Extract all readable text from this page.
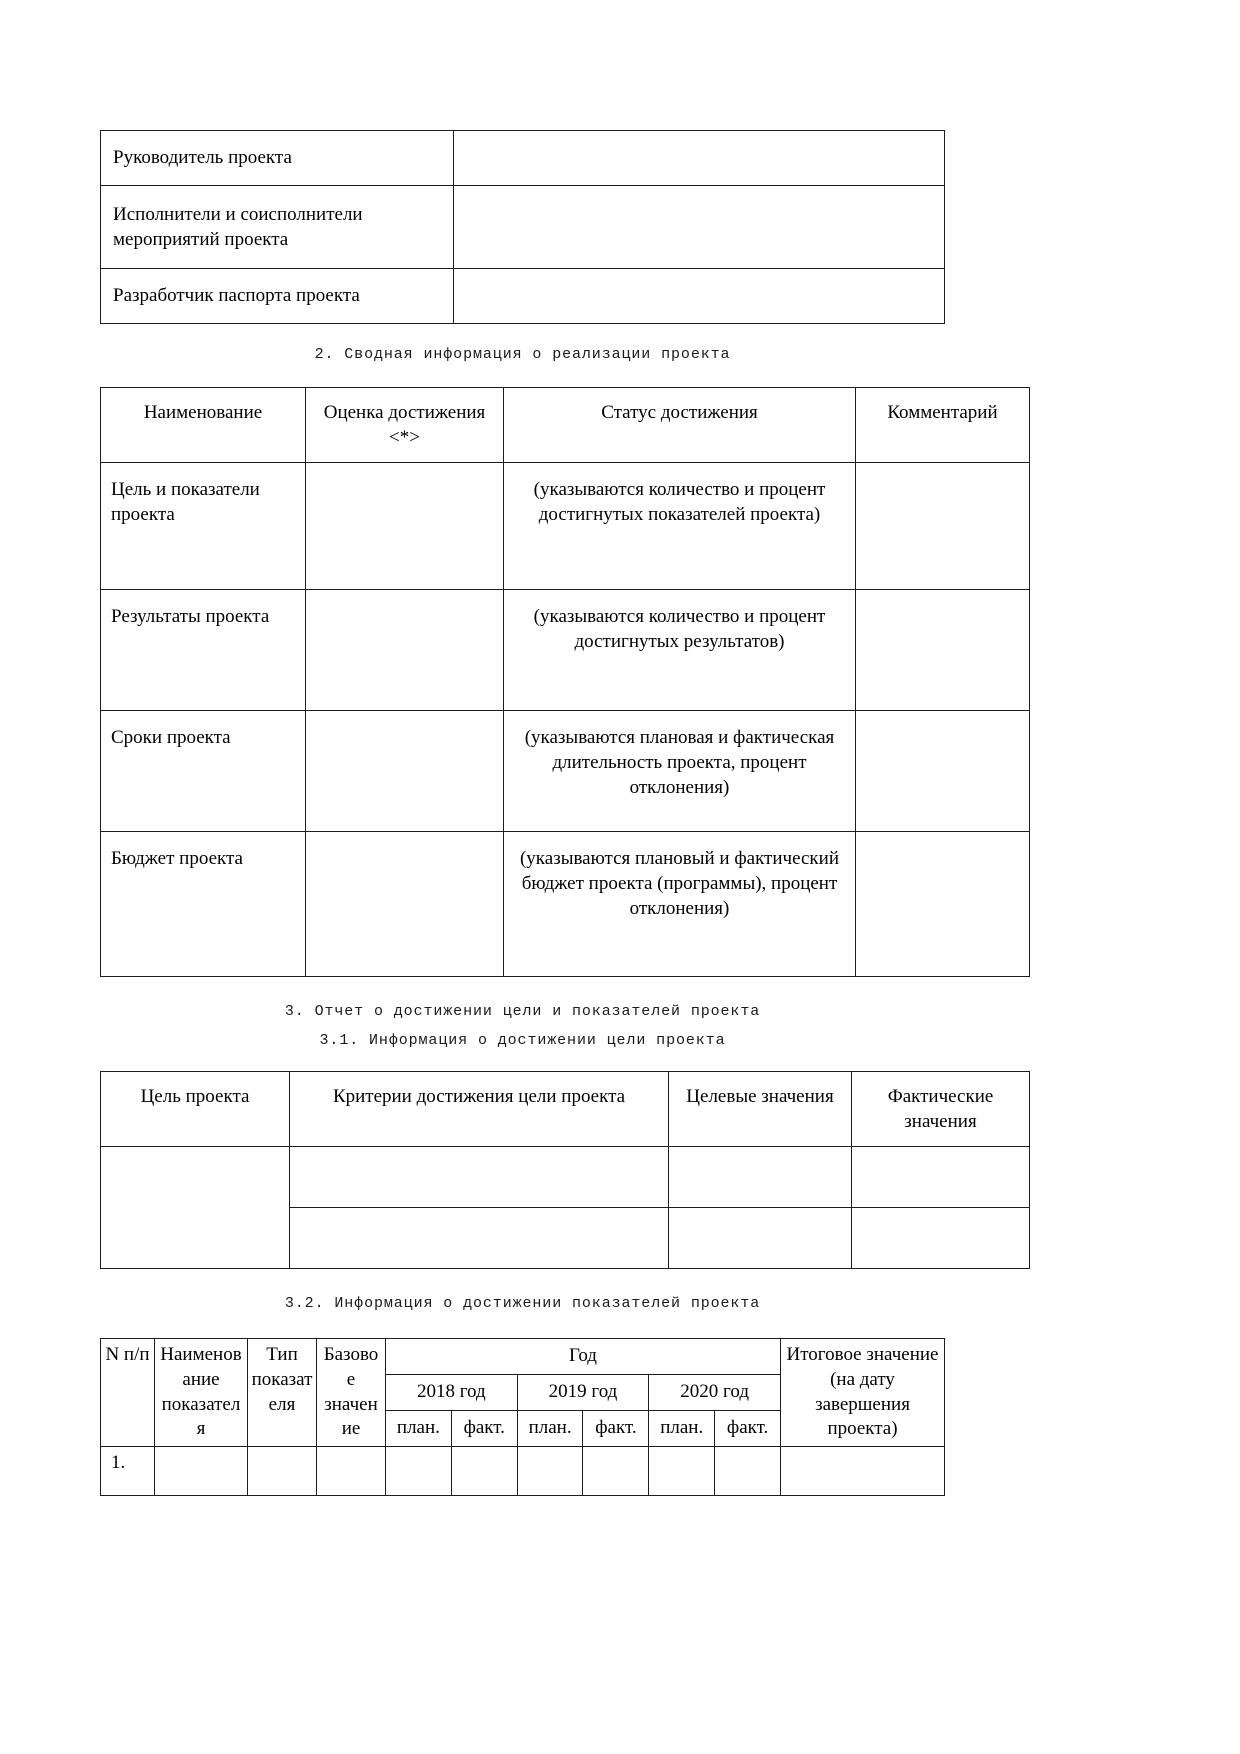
Руководитель проекта	
Исполнители и соисполнители мероприятий проекта	
Разработчик паспорта проекта	
2. Сводная информация о реализации проекта
Наименование	Оценка достижения <*>	Статус достижения	Комментарий
Цель и показатели проекта		(указываются количество и процент достигнутых показателей проекта)	
Результаты проекта		(указываются количество и процент достигнутых результатов)	
Сроки проекта		(указываются плановая и фактическая длительность проекта, процент отклонения)	
Бюджет проекта		(указываются плановый и фактический бюджет проекта (программы), процент отклонения)	
3. Отчет о достижении цели и показателей проекта
3.1. Информация о достижении цели проекта
Цель проекта	Критерии достижения цели проекта	Целевые значения	Фактические значения

3.2. Информация о достижении показателей проекта
N п/п	Наименование показателя	Тип показателя	Базовое значение	Год						Итоговое значение (на дату завершения проекта)
				2018 год		2019 год		2020 год		
				план.	факт.	план.	факт.	план.	факт.	
1.										
